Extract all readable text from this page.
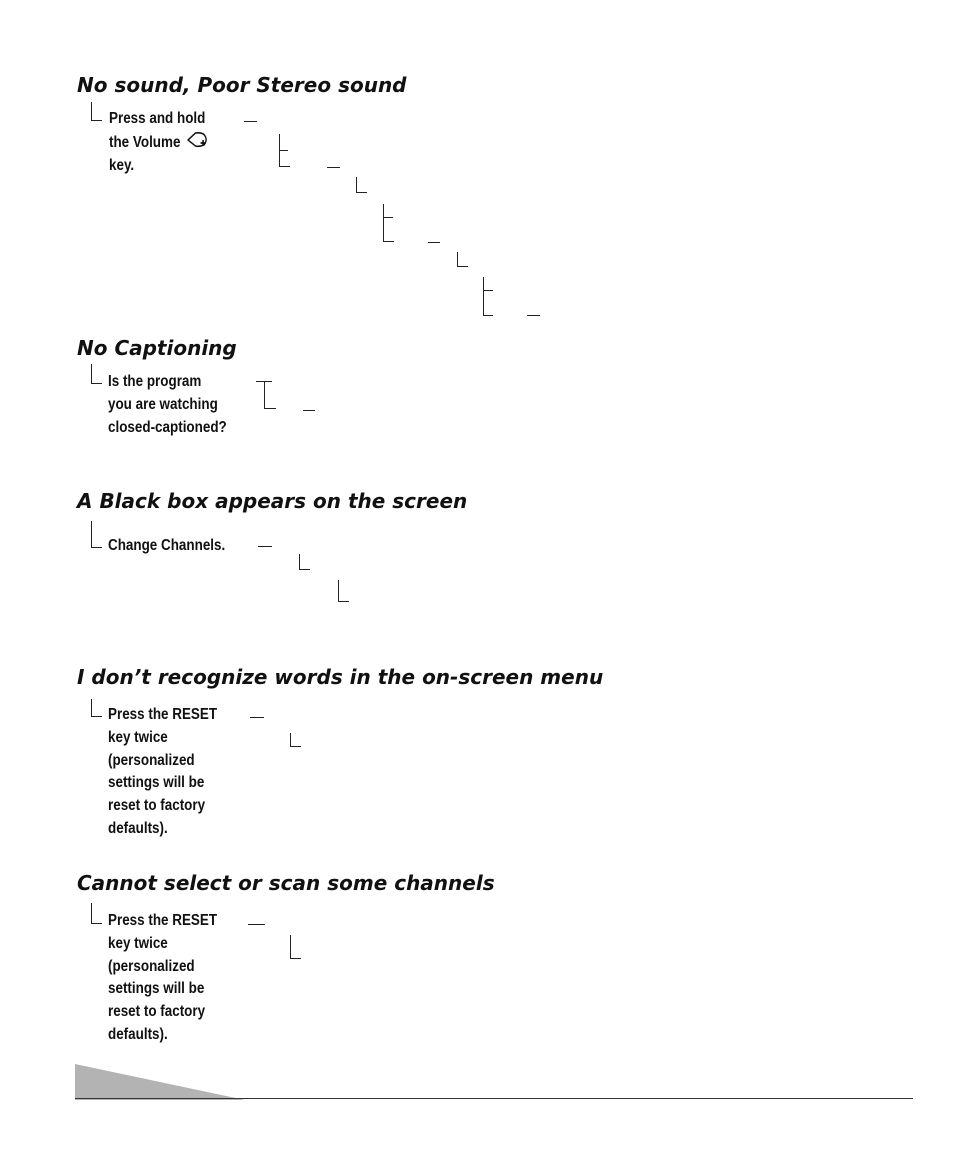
No sound, Poor Stereo sound
Press and hold
the Volume
key.
No Captioning
Is the program
you are watching
closed-captioned?
A Black box appears on the screen
Change Channels.
I don’t recognize words in the on-screen menu
Press the RESET
key twice
(personalized
settings will be
reset to factory
defaults).
Cannot select or scan some channels
Press the RESET
key twice
(personalized
settings will be
reset to factory
defaults).
